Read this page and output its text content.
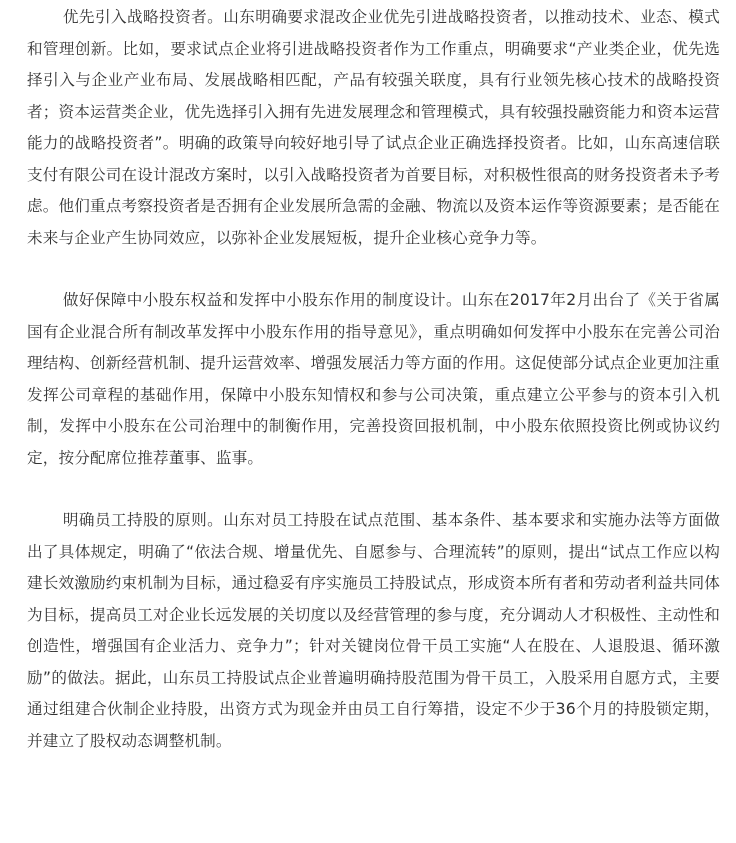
优先引入战略投资者。山东明确要求混改企业优先引进战略投资者，以推动技术、业态、模式和管理创新。比如，要求试点企业将引进战略投资者作为工作重点，明确要求“产业类企业，优先选择引入与企业产业布局、发展战略相匹配，产品有较强关联度，具有行业领先核心技术的战略投资者；资本运营类企业，优先选择引入拥有先进发展理念和管理模式，具有较强投融资能力和资本运营能力的战略投资者”。明确的政策导向较好地引导了试点企业正确选择投资者。比如，山东高速信联支付有限公司在设计混改方案时，以引入战略投资者为首要目标，对积极性很高的财务投资者未予考虑。他们重点考察投资者是否拥有企业发展所急需的金融、物流以及资本运作等资源要素；是否能在未来与企业产生协同效应，以弥补企业发展短板，提升企业核心竞争力等。

做好保障中小股东权益和发挥中小股东作用的制度设计。山东在2017年2月出台了《关于省属国有企业混合所有制改革发挥中小股东作用的指导意见》，重点明确如何发挥中小股东在完善公司治理结构、创新经营机制、提升运营效率、增强发展活力等方面的作用。这促使部分试点企业更加注重发挥公司章程的基础作用，保障中小股东知情权和参与公司决策，重点建立公平参与的资本引入机制，发挥中小股东在公司治理中的制衡作用，完善投资回报机制，中小股东依照投资比例或协议约定，按分配席位推荐董事、监事。

明确员工持股的原则。山东对员工持股在试点范围、基本条件、基本要求和实施办法等方面做出了具体规定，明确了“依法合规、增量优先、自愿参与、合理流转”的原则，提出“试点工作应以构建长效激励约束机制为目标，通过稳妥有序实施员工持股试点，形成资本所有者和劳动者利益共同体为目标，提高员工对企业长远发展的关切度以及经营管理的参与度，充分调动人才积极性、主动性和创造性，增强国有企业活力、竞争力”；针对关键岗位骨干员工实施“人在股在、人退股退、循环激励”的做法。据此，山东员工持股试点企业普遍明确持股范围为骨干员工，入股采用自愿方式，主要通过组建合伙制企业持股，出资方式为现金并由员工自行筹措，设定不少于36个月的持股锁定期，并建立了股权动态调整机制。
